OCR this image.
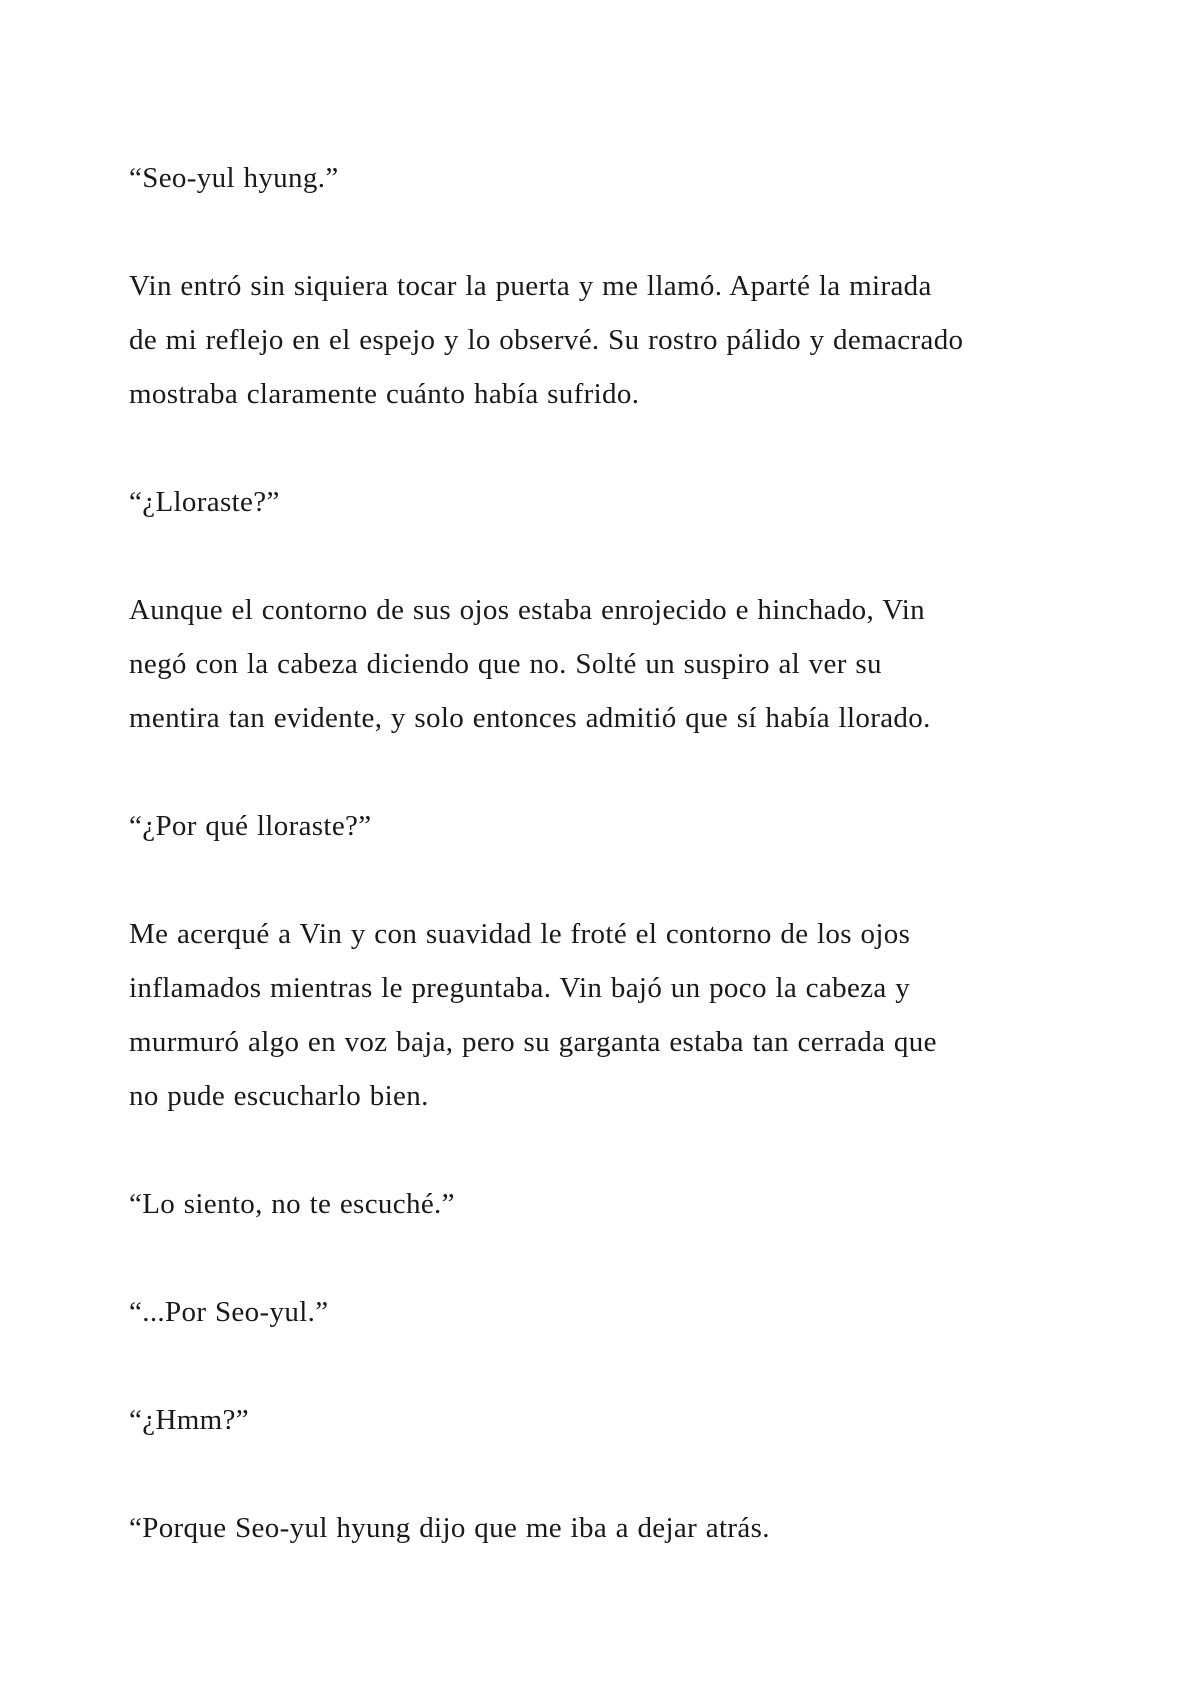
“Seo-yul hyung.”

Vin entró sin siquiera tocar la puerta y me llamó. Aparté la mirada
de mi reflejo en el espejo y lo observé. Su rostro pálido y demacrado
mostraba claramente cuánto había sufrido.

“¿Lloraste?”

Aunque el contorno de sus ojos estaba enrojecido e hinchado, Vin
negó con la cabeza diciendo que no. Solté un suspiro al ver su
mentira tan evidente, y solo entonces admitió que sí había llorado.

“¿Por qué lloraste?”

Me acerqué a Vin y con suavidad le froté el contorno de los ojos
inflamados mientras le preguntaba. Vin bajó un poco la cabeza y
murmuró algo en voz baja, pero su garganta estaba tan cerrada que
no pude escucharlo bien.

“Lo siento, no te escuché.”

“...Por Seo-yul.”

“¿Hmm?”

“Porque Seo-yul hyung dijo que me iba a dejar atrás.
